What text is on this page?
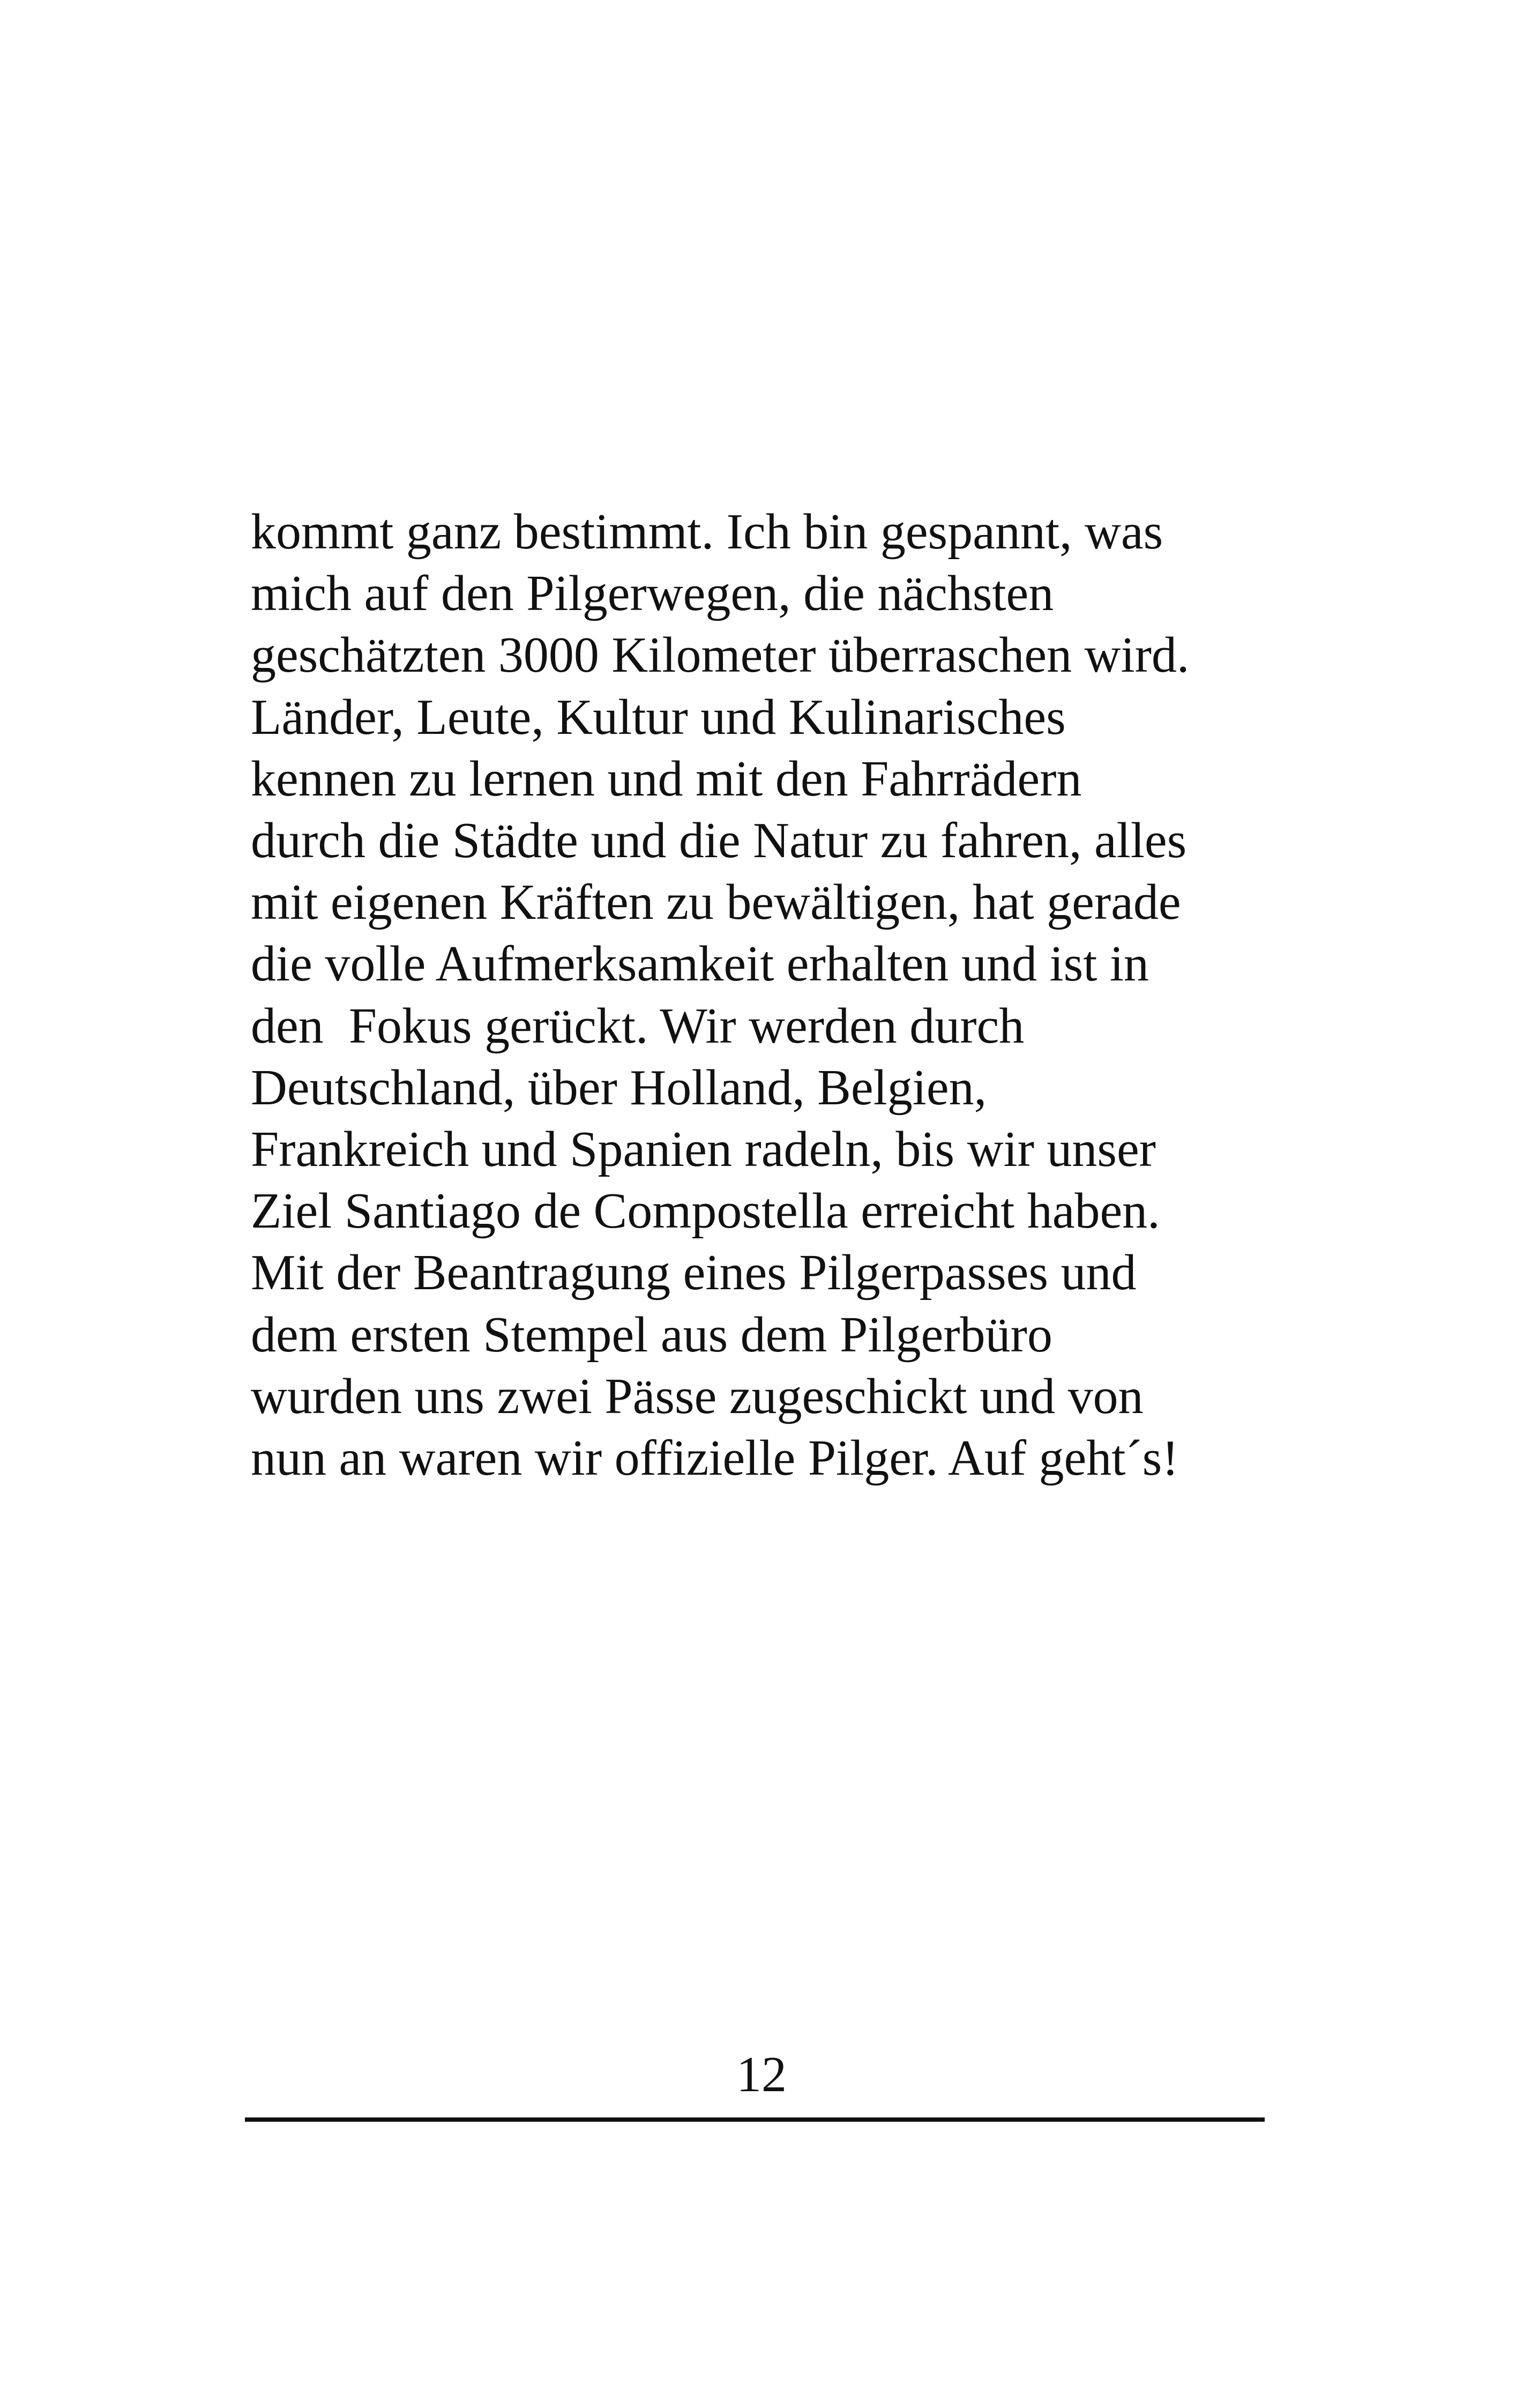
kommt ganz bestimmt. Ich bin gespannt, was
mich auf den Pilgerwegen, die nächsten
geschätzten 3000 Kilometer überraschen wird.
Länder, Leute, Kultur und Kulinarisches
kennen zu lernen und mit den Fahrrädern
durch die Städte und die Natur zu fahren, alles
mit eigenen Kräften zu bewältigen, hat gerade
die volle Aufmerksamkeit erhalten und ist in
den  Fokus gerückt. Wir werden durch
Deutschland, über Holland, Belgien,
Frankreich und Spanien radeln, bis wir unser
Ziel Santiago de Compostella erreicht haben.
Mit der Beantragung eines Pilgerpasses und
dem ersten Stempel aus dem Pilgerbüro
wurden uns zwei Pässe zugeschickt und von
nun an waren wir offizielle Pilger. Auf geht´s!
12
